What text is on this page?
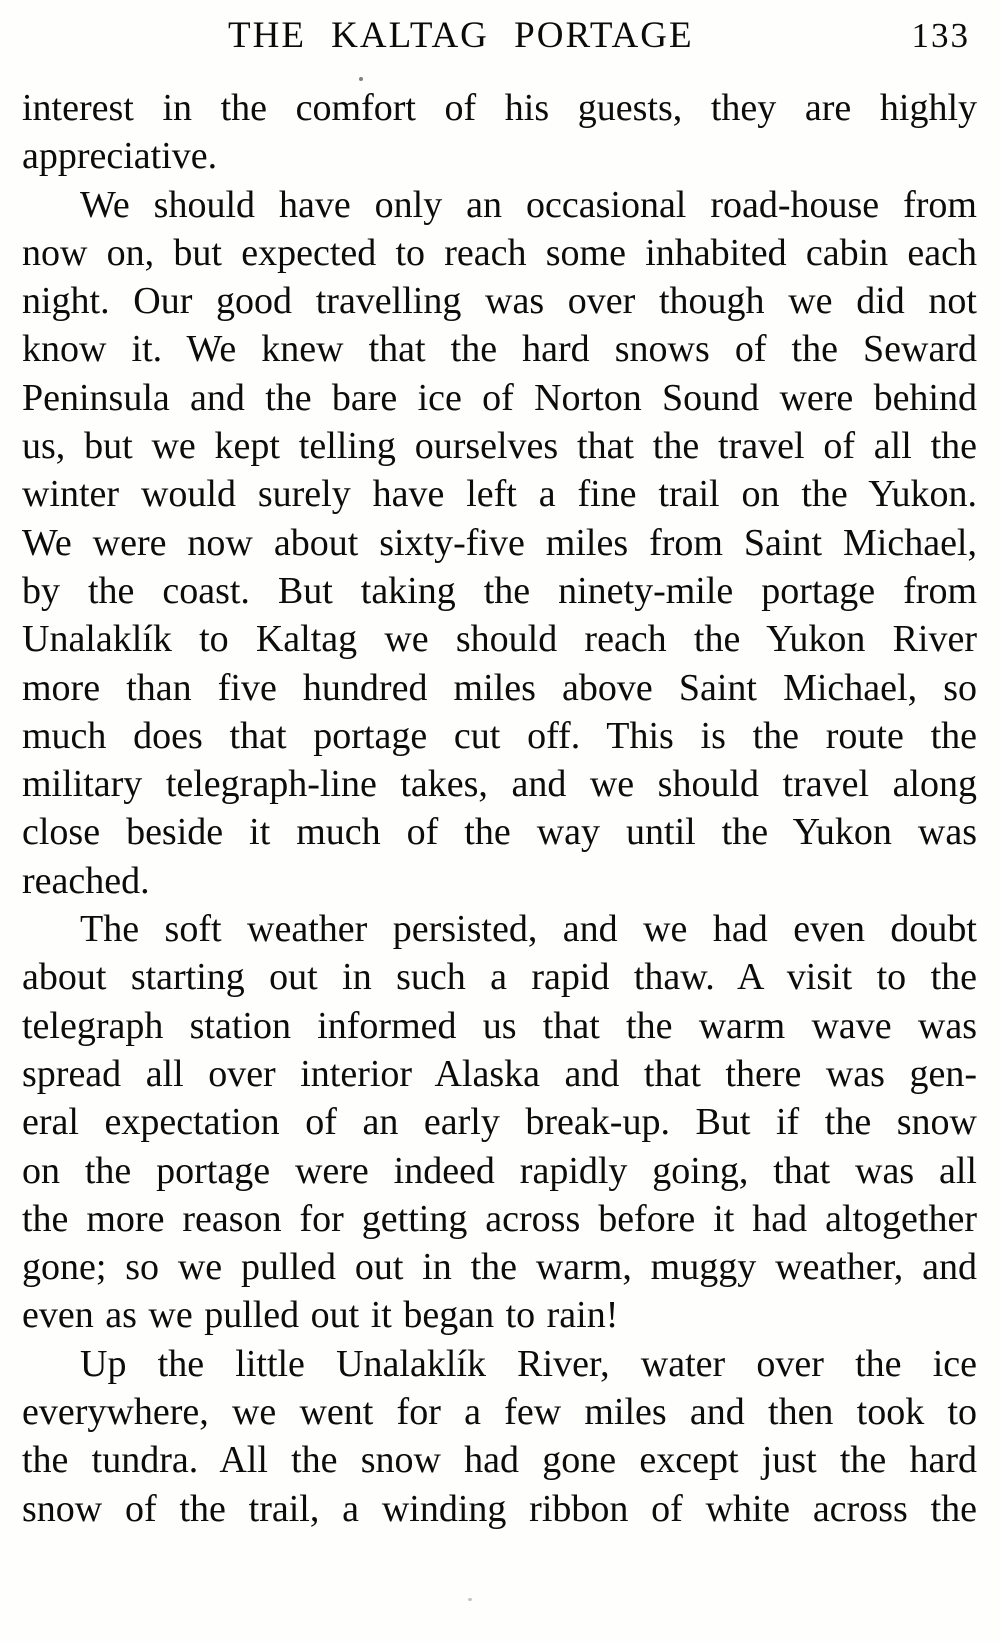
THE KALTAG PORTAGE	133
interest in the comfort of his guests, they are highly
appreciative.
We should have only an occasional road-house from
now on, but expected to reach some inhabited cabin each
night. Our good travelling was over though we did not
know it. We knew that the hard snows of the Seward
Peninsula and the bare ice of Norton Sound were behind
us, but we kept telling ourselves that the travel of all the
winter would surely have left a fine trail on the Yukon.
We were now about sixty-five miles from Saint Michael,
by the coast. But taking the ninety-mile portage from
Unalaklík to Kaltag we should reach the Yukon River
more than five hundred miles above Saint Michael, so
much does that portage cut off. This is the route the
military telegraph-line takes, and we should travel along
close beside it much of the way until the Yukon was
reached.
The soft weather persisted, and we had even doubt
about starting out in such a rapid thaw. A visit to the
telegraph station informed us that the warm wave was
spread all over interior Alaska and that there was gen-
eral expectation of an early break-up. But if the snow
on the portage were indeed rapidly going, that was all
the more reason for getting across before it had altogether
gone; so we pulled out in the warm, muggy weather, and
even as we pulled out it began to rain!
Up the little Unalaklík River, water over the ice
everywhere, we went for a few miles and then took to
the tundra. All the snow had gone except just the hard
snow of the trail, a winding ribbon of white across the
